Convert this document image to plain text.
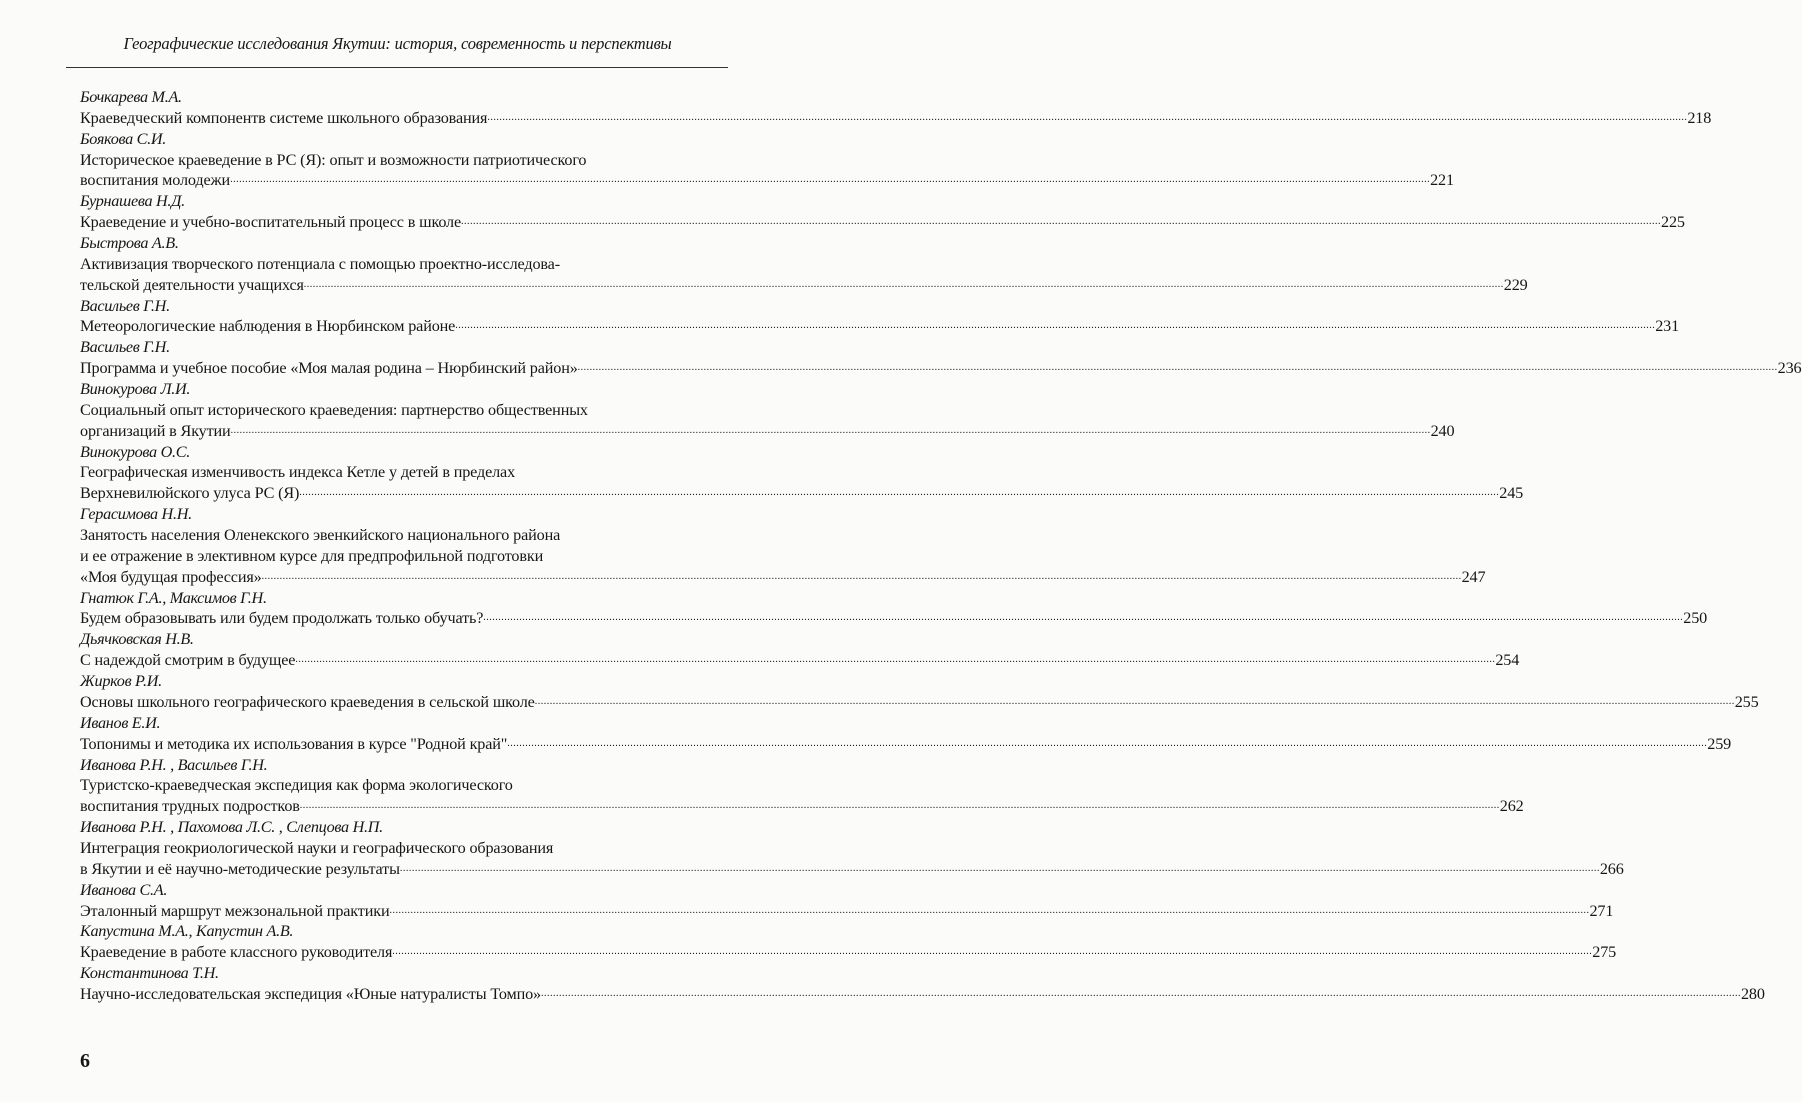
Географические исследования Якутии: история, современность и перспективы
Бочкарева М.А.
Краеведческий компонентв системе школьного образования ................................................................................................................................................................................................................................................................................................................................................................................................................ 218
Боякова С.И.
Историческое краеведение в РС (Я): опыт и возможности патриотического
воспитания молодежи ................................................................................................................................................................................................................................................................................................................................................................................................................ 221
Бурнашева Н.Д.
Краеведение и учебно-воспитательный процесс в школе ................................................................................................................................................................................................................................................................................................................................................................................................................ 225
Быстрова А.В.
Активизация творческого потенциала с помощью проектно-исследова-
тельской деятельности учащихся ................................................................................................................................................................................................................................................................................................................................................................................................................ 229
Васильев Г.Н.
Метеорологические наблюдения в Нюрбинском районе ................................................................................................................................................................................................................................................................................................................................................................................................................ 231
Васильев Г.Н.
Программа и учебное пособие «Моя малая родина – Нюрбинский район» ................................................................................................................................................................................................................................................................................................................................................................................................................ 236
Винокурова Л.И.
Социальный опыт исторического краеведения: партнерство общественных
организаций в Якутии ................................................................................................................................................................................................................................................................................................................................................................................................................ 240
Винокурова О.С.
Географическая изменчивость индекса Кетле у детей в пределах
Верхневилюйского улуса РС (Я) ................................................................................................................................................................................................................................................................................................................................................................................................................ 245
Герасимова Н.Н.
Занятость населения Оленекского эвенкийского национального района
и ее отражение в элективном курсе для предпрофильной подготовки
«Моя будущая профессия» ................................................................................................................................................................................................................................................................................................................................................................................................................ 247
Гнатюк Г.А., Максимов Г.Н.
Будем образовывать или будем продолжать только обучать? ................................................................................................................................................................................................................................................................................................................................................................................................................ 250
Дьячковская Н.В.
С надеждой смотрим в будущее ................................................................................................................................................................................................................................................................................................................................................................................................................ 254
Жирков Р.И.
Основы школьного географического краеведения в сельской школе ................................................................................................................................................................................................................................................................................................................................................................................................................ 255
Иванов Е.И.
Топонимы и методика их использования в курсе "Родной край" ................................................................................................................................................................................................................................................................................................................................................................................................................ 259
Иванова Р.Н. , Васильев Г.Н.
Туристско-краеведческая экспедиция как форма экологического
воспитания трудных подростков ................................................................................................................................................................................................................................................................................................................................................................................................................ 262
Иванова Р.Н. , Пахомова Л.С. , Слепцова Н.П.
Интеграция геокриологической науки и географического образования
в Якутии и её научно-методические результаты ................................................................................................................................................................................................................................................................................................................................................................................................................ 266
Иванова С.А.
Эталонный маршрут межзональной практики ................................................................................................................................................................................................................................................................................................................................................................................................................ 271
Капустина М.А., Капустин А.В.
Краеведение в работе классного руководителя ................................................................................................................................................................................................................................................................................................................................................................................................................ 275
Константинова Т.Н.
Научно-исследовательская экспедиция «Юные натуралисты Томпо» ................................................................................................................................................................................................................................................................................................................................................................................................................ 280
6
